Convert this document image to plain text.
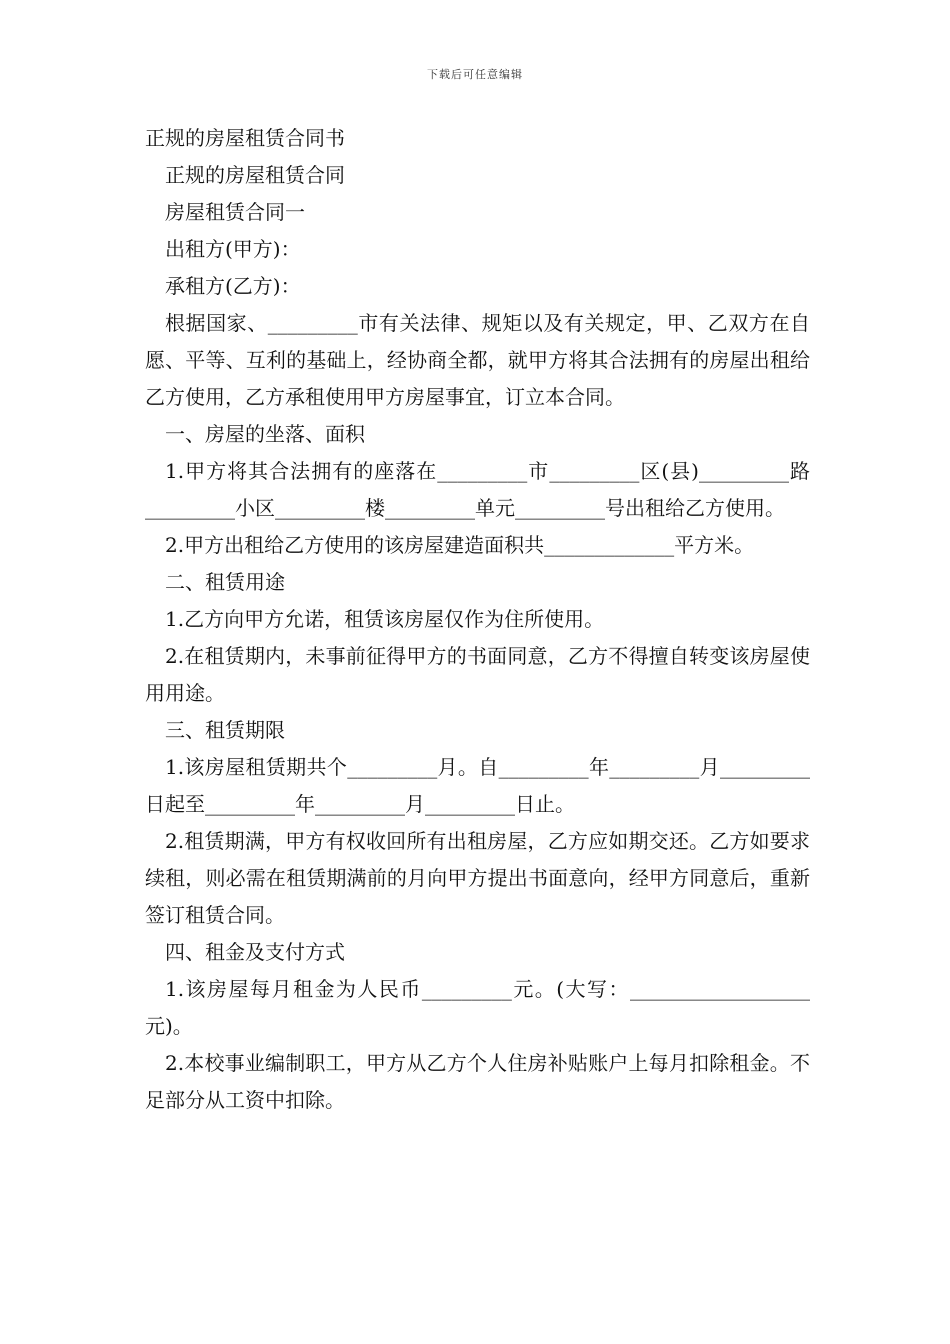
下载后可任意编辑

正规的房屋租赁合同书

正规的房屋租赁合同

房屋租赁合同一

出租方(甲方)：

承租方(乙方)：

根据国家、_________市有关法律、规矩以及有关规定，甲、乙双方在自愿、平等、互利的基础上，经协商全都，就甲方将其合法拥有的房屋出租给乙方使用，乙方承租使用甲方房屋事宜，订立本合同。

一、房屋的坐落、面积

1.甲方将其合法拥有的座落在_________市_________区(县)_________路_________小区_________楼_________单元_________号出租给乙方使用。

2.甲方出租给乙方使用的该房屋建造面积共_____________平方米。

二、租赁用途

1.乙方向甲方允诺，租赁该房屋仅作为住所使用。

2.在租赁期内，未事前征得甲方的书面同意，乙方不得擅自转变该房屋使用用途。

三、租赁期限

1.该房屋租赁期共个_________月。自_________年_________月_________日起至_________年_________月_________日止。

2.租赁期满，甲方有权收回所有出租房屋，乙方应如期交还。乙方如要求续租，则必需在租赁期满前的月向甲方提出书面意向，经甲方同意后，重新签订租赁合同。

四、租金及支付方式

1.该房屋每月租金为人民币_________元。(大写：__________________元)。

2.本校事业编制职工，甲方从乙方个人住房补贴账户上每月扣除租金。不足部分从工资中扣除。
